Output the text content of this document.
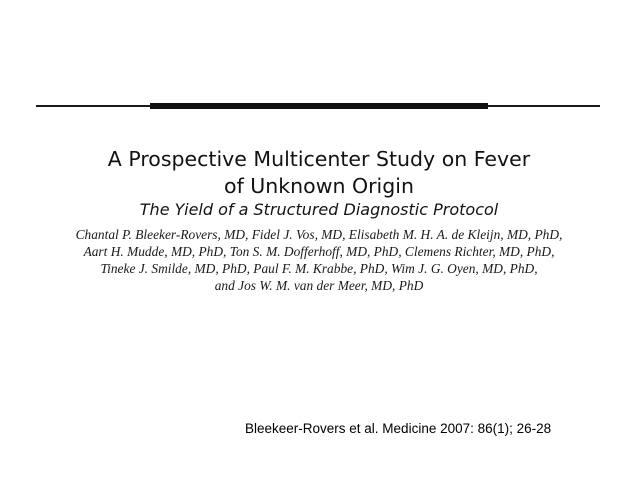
A Prospective Multicenter Study on Fever
of Unknown Origin
The Yield of a Structured Diagnostic Protocol
Chantal P. Bleeker-Rovers, MD, Fidel J. Vos, MD, Elisabeth M. H. A. de Kleijn, MD, PhD,
Aart H. Mudde, MD, PhD, Ton S. M. Dofferhoff, MD, PhD, Clemens Richter, MD, PhD,
Tineke J. Smilde, MD, PhD, Paul F. M. Krabbe, PhD, Wim J. G. Oyen, MD, PhD,
and Jos W. M. van der Meer, MD, PhD
Bleekeer-Rovers et al. Medicine 2007: 86(1); 26-28
